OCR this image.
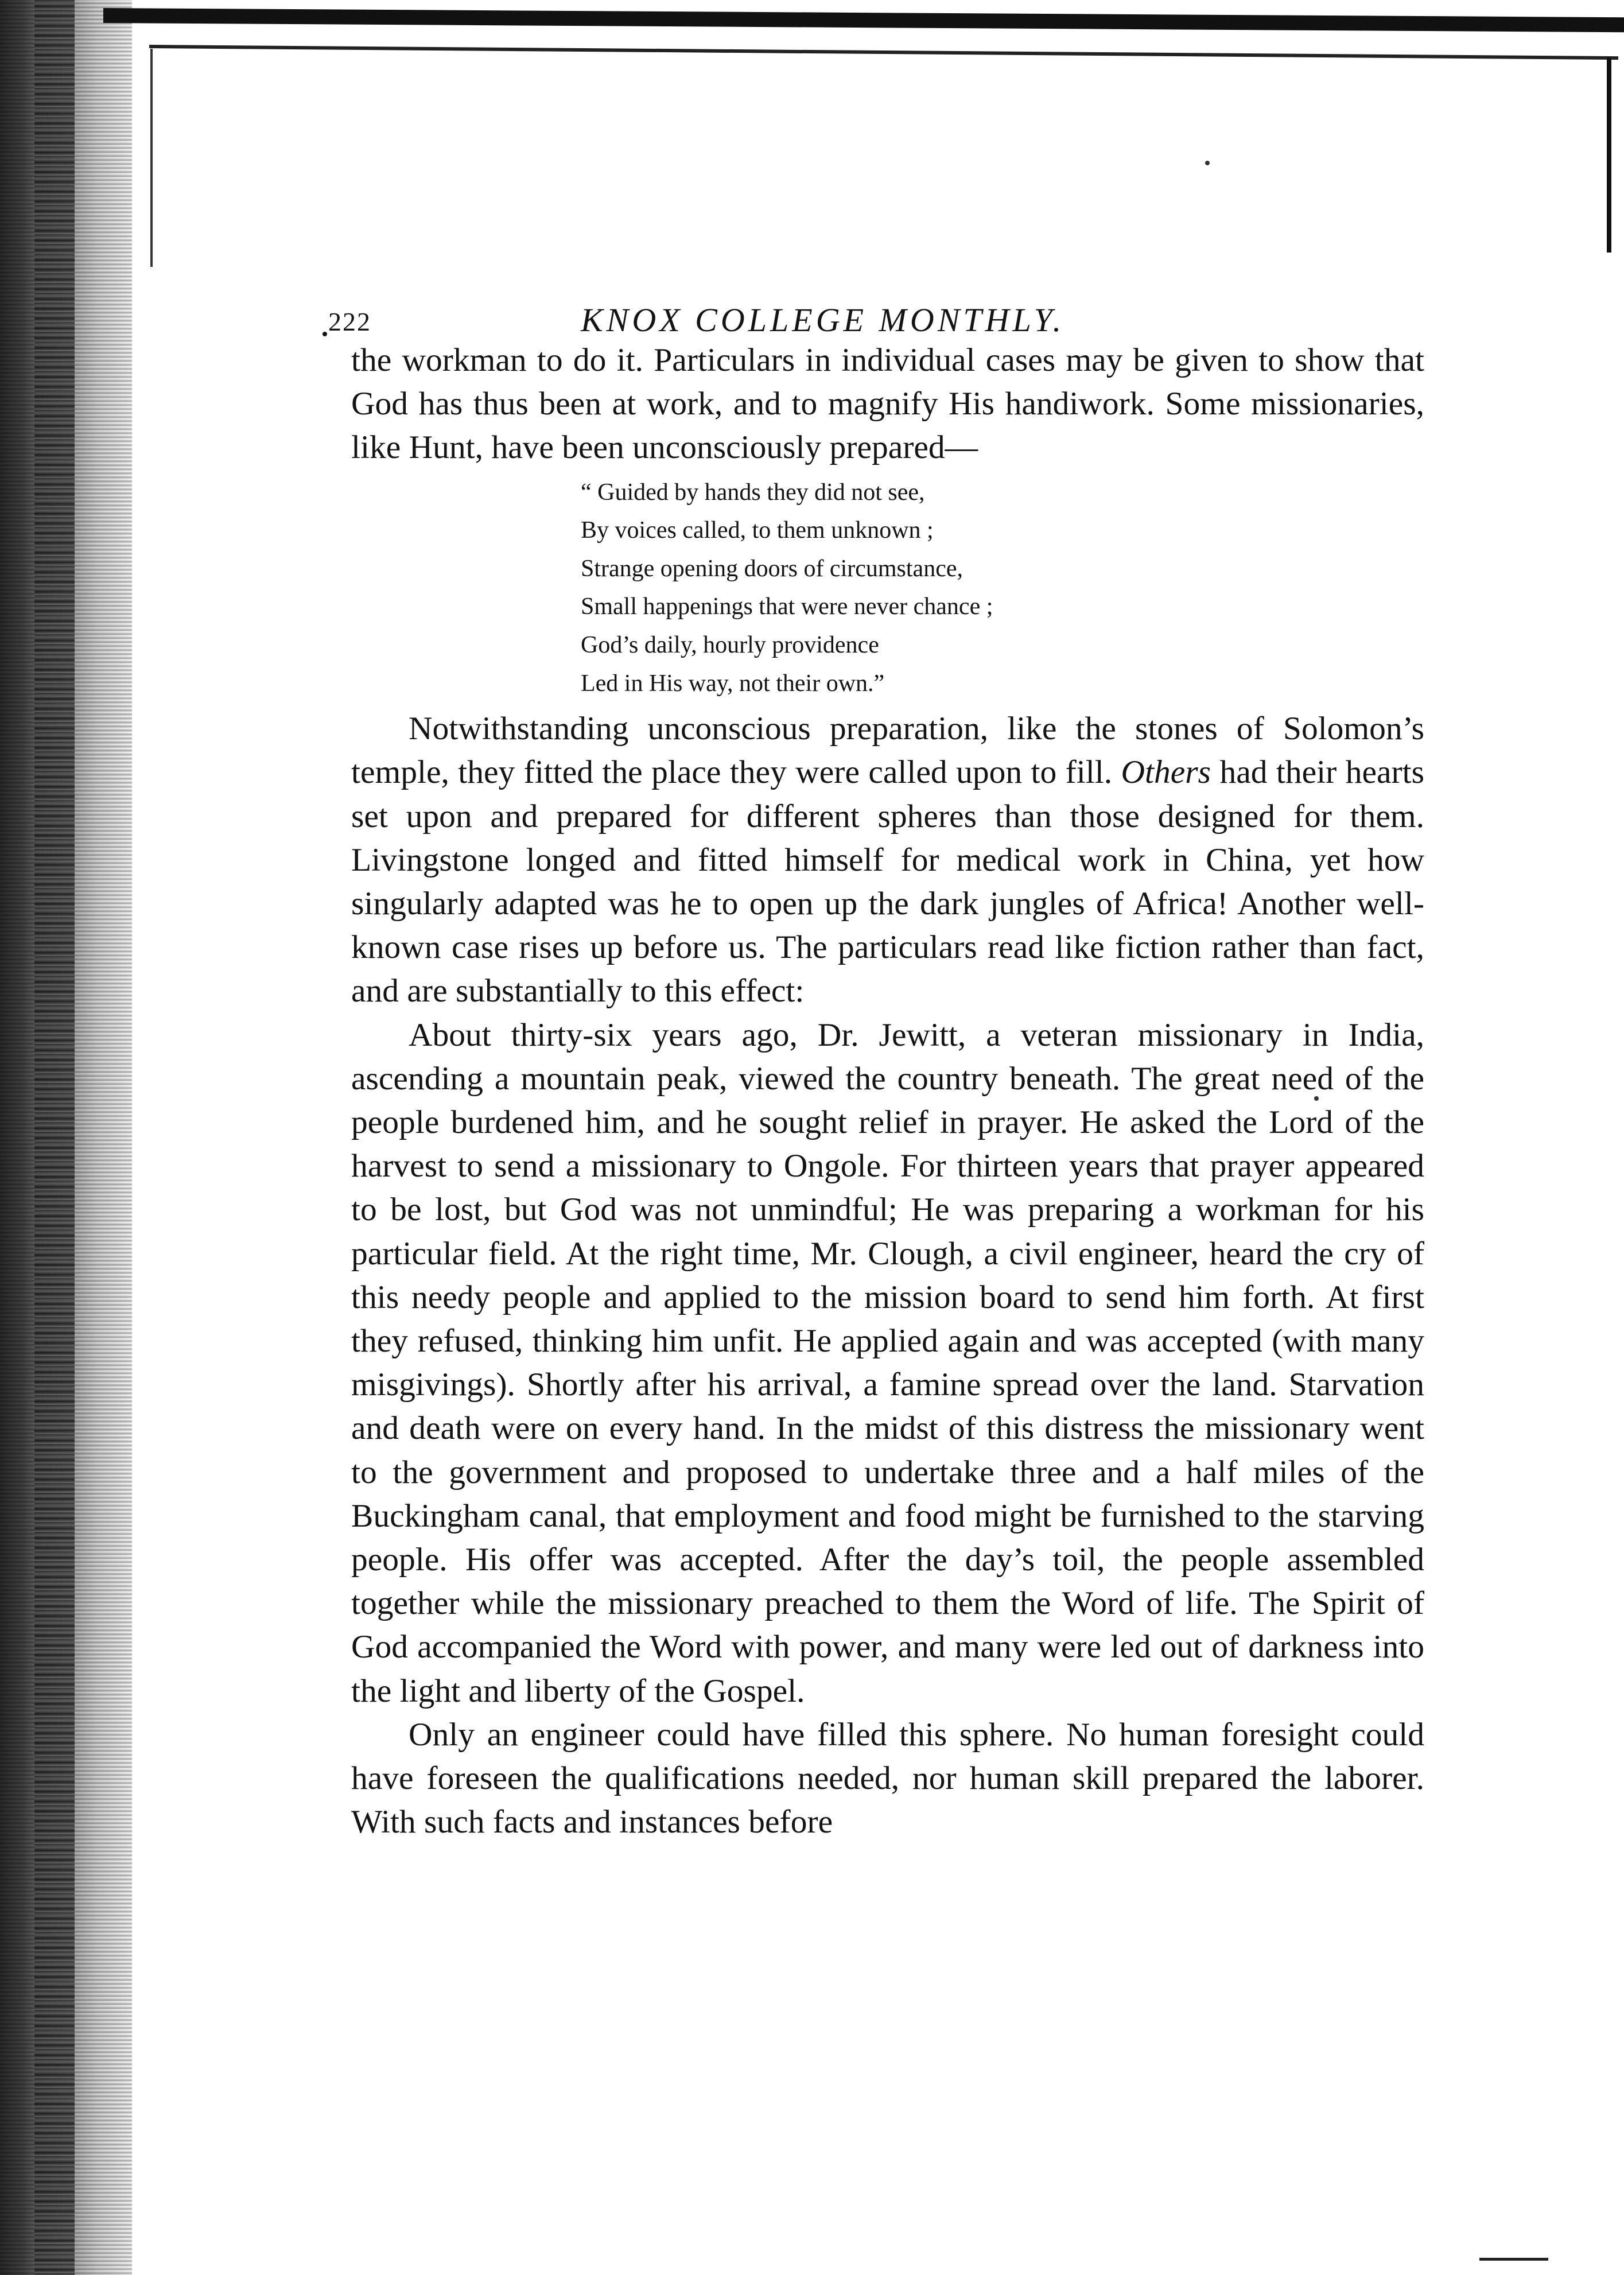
222	KNOX COLLEGE MONTHLY.

the workman to do it. Particulars in individual cases may be given to show that God has thus been at work, and to magnify His handiwork. Some missionaries, like Hunt, have been unconsciously prepared—

“ Guided by hands they did not see,
By voices called, to them unknown ;
Strange opening doors of circumstance,
Small happenings that were never chance ;
God’s daily, hourly providence
Led in His way, not their own.”

Notwithstanding unconscious preparation, like the stones of Solomon’s temple, they fitted the place they were called upon to fill. Others had their hearts set upon and prepared for different spheres than those designed for them. Livingstone longed and fitted himself for medical work in China, yet how singularly adapted was he to open up the dark jungles of Africa! Another well-known case rises up before us. The particulars read like fiction rather than fact, and are substantially to this effect:

About thirty-six years ago, Dr. Jewitt, a veteran missionary in India, ascending a mountain peak, viewed the country beneath. The great need of the people burdened him, and he sought relief in prayer. He asked the Lord of the harvest to send a missionary to Ongole. For thirteen years that prayer appeared to be lost, but God was not unmindful; He was preparing a workman for his particular field. At the right time, Mr. Clough, a civil engineer, heard the cry of this needy people and applied to the mission board to send him forth. At first they refused, thinking him unfit. He applied again and was accepted (with many misgivings). Shortly after his arrival, a famine spread over the land. Starvation and death were on every hand. In the midst of this distress the missionary went to the government and proposed to undertake three and a half miles of the Buckingham canal, that employment and food might be furnished to the starving people. His offer was accepted. After the day’s toil, the people assembled together while the missionary preached to them the Word of life. The Spirit of God accompanied the Word with power, and many were led out of darkness into the light and liberty of the Gospel.

Only an engineer could have filled this sphere. No human foresight could have foreseen the qualifications needed, nor human skill prepared the laborer. With such facts and instances before
